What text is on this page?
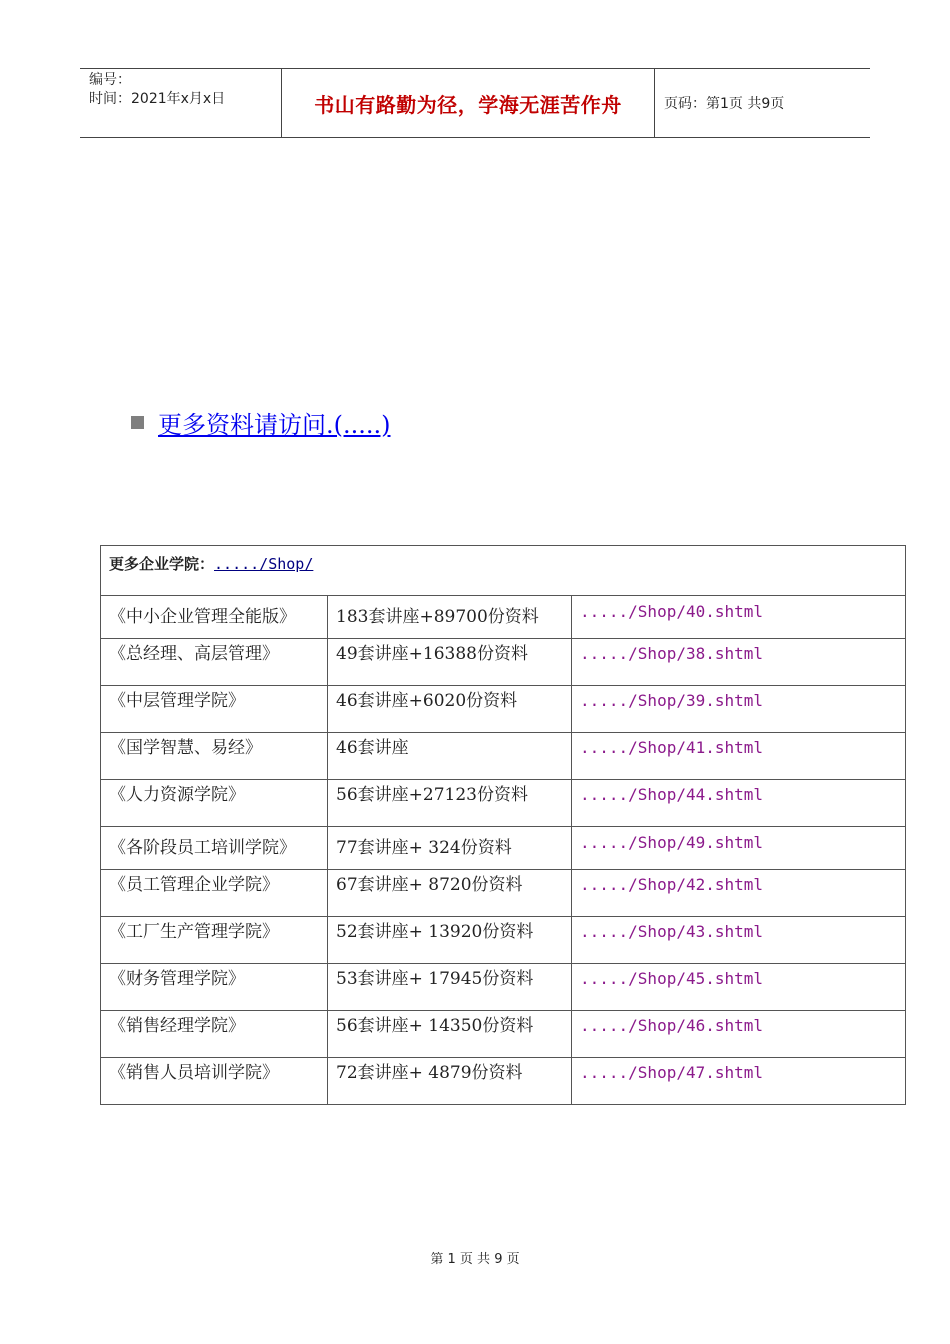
编号：
时间：2021年x月x日	书山有路勤为径，学海无涯苦作舟	页码：第1页 共9页
更多资料请访问.(.....)
更多企业学院：...../Shop/		
《中小企业管理全能版》	183套讲座+89700份资料	...../Shop/40.shtml
《总经理、高层管理》	49套讲座+16388份资料	...../Shop/38.shtml
《中层管理学院》	46套讲座+6020份资料	...../Shop/39.shtml
《国学智慧、易经》	46套讲座	...../Shop/41.shtml
《人力资源学院》	56套讲座+27123份资料	...../Shop/44.shtml
《各阶段员工培训学院》	77套讲座+ 324份资料	...../Shop/49.shtml
《员工管理企业学院》	67套讲座+ 8720份资料	...../Shop/42.shtml
《工厂生产管理学院》	52套讲座+ 13920份资料	...../Shop/43.shtml
《财务管理学院》	53套讲座+ 17945份资料	...../Shop/45.shtml
《销售经理学院》	56套讲座+ 14350份资料	...../Shop/46.shtml
《销售人员培训学院》	72套讲座+ 4879份资料	...../Shop/47.shtml
第 1 页 共 9 页
